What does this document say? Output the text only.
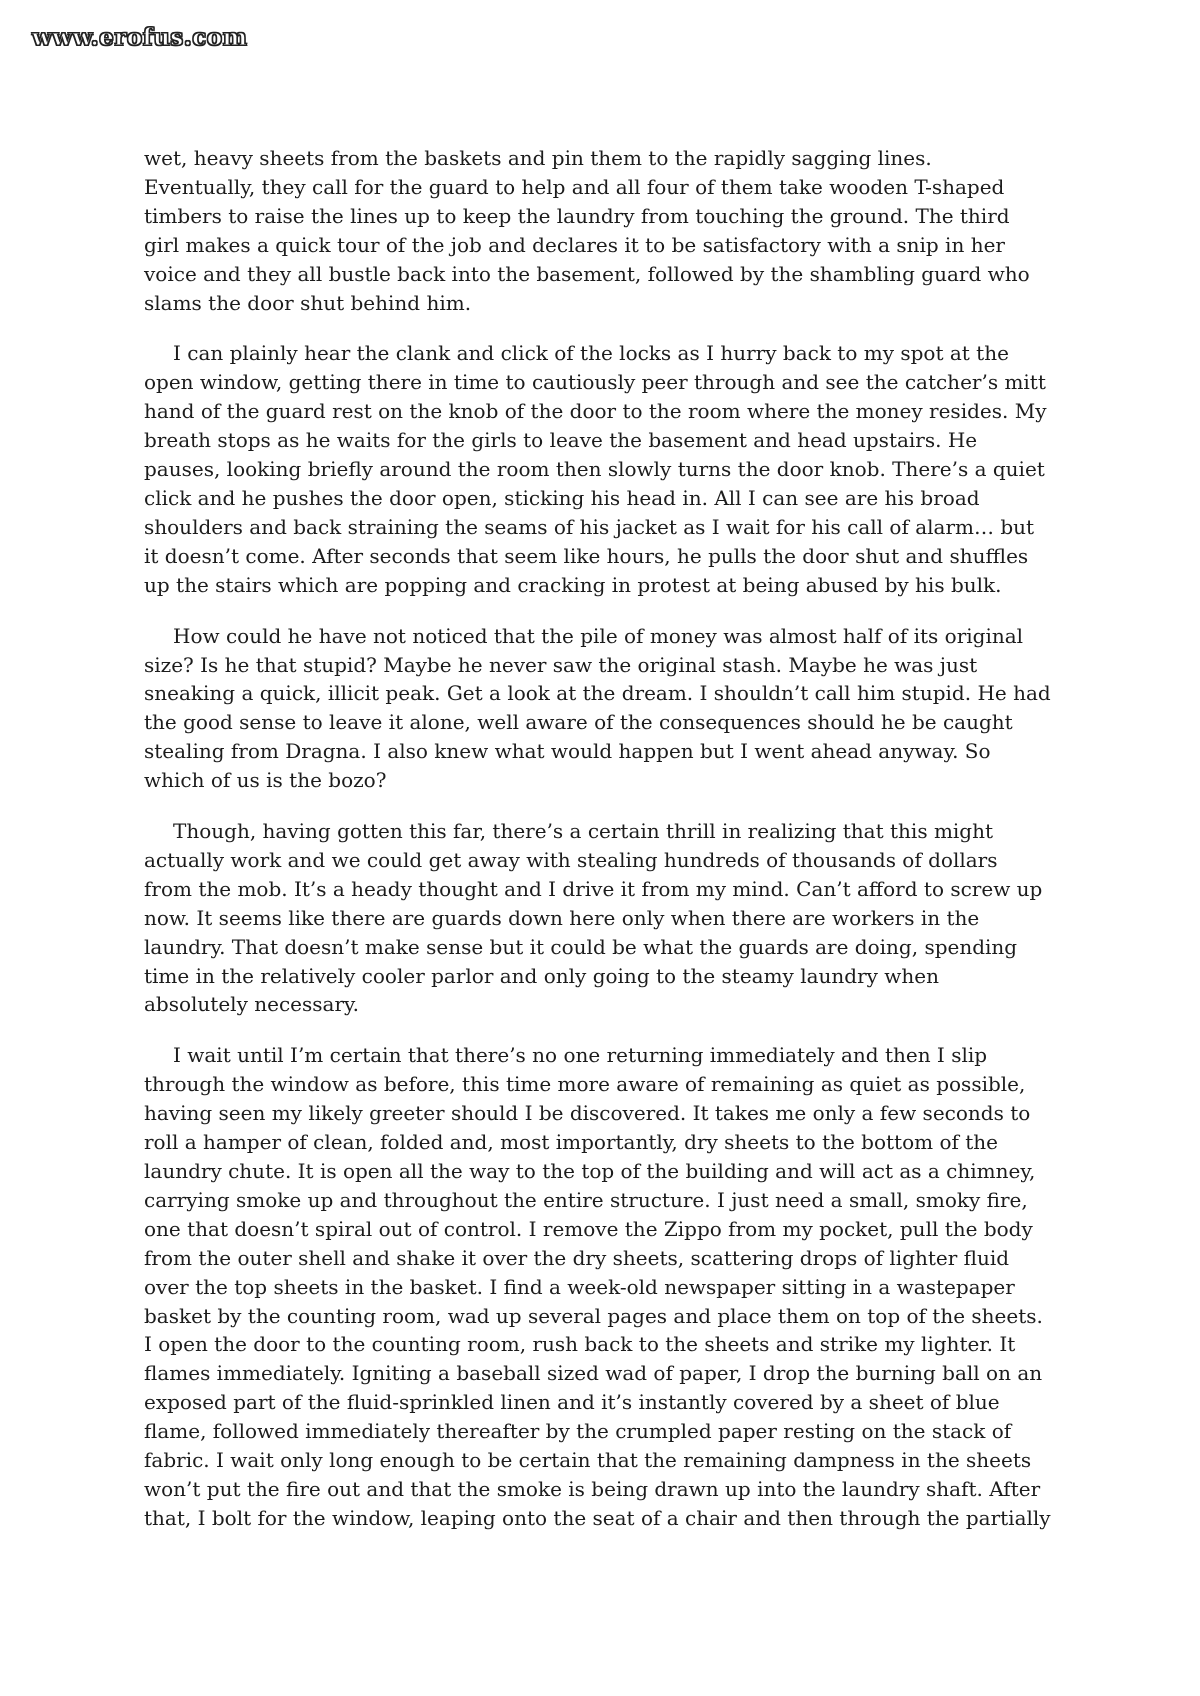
www.erofus.com
wet, heavy sheets from the baskets and pin them to the rapidly sagging lines.
Eventually, they call for the guard to help and all four of them take wooden T-shaped
timbers to raise the lines up to keep the laundry from touching the ground. The third
girl makes a quick tour of the job and declares it to be satisfactory with a snip in her
voice and they all bustle back into the basement, followed by the shambling guard who
slams the door shut behind him.
I can plainly hear the clank and click of the locks as I hurry back to my spot at the
open window, getting there in time to cautiously peer through and see the catcher’s mitt
hand of the guard rest on the knob of the door to the room where the money resides. My
breath stops as he waits for the girls to leave the basement and head upstairs. He
pauses, looking briefly around the room then slowly turns the door knob. There’s a quiet
click and he pushes the door open, sticking his head in. All I can see are his broad
shoulders and back straining the seams of his jacket as I wait for his call of alarm… but
it doesn’t come. After seconds that seem like hours, he pulls the door shut and shuffles
up the stairs which are popping and cracking in protest at being abused by his bulk.
How could he have not noticed that the pile of money was almost half of its original
size? Is he that stupid? Maybe he never saw the original stash. Maybe he was just
sneaking a quick, illicit peak. Get a look at the dream. I shouldn’t call him stupid. He had
the good sense to leave it alone, well aware of the consequences should he be caught
stealing from Dragna. I also knew what would happen but I went ahead anyway. So
which of us is the bozo?
Though, having gotten this far, there’s a certain thrill in realizing that this might
actually work and we could get away with stealing hundreds of thousands of dollars
from the mob. It’s a heady thought and I drive it from my mind. Can’t afford to screw up
now. It seems like there are guards down here only when there are workers in the
laundry. That doesn’t make sense but it could be what the guards are doing, spending
time in the relatively cooler parlor and only going to the steamy laundry when
absolutely necessary.
I wait until I’m certain that there’s no one returning immediately and then I slip
through the window as before, this time more aware of remaining as quiet as possible,
having seen my likely greeter should I be discovered. It takes me only a few seconds to
roll a hamper of clean, folded and, most importantly, dry sheets to the bottom of the
laundry chute. It is open all the way to the top of the building and will act as a chimney,
carrying smoke up and throughout the entire structure. I just need a small, smoky fire,
one that doesn’t spiral out of control. I remove the Zippo from my pocket, pull the body
from the outer shell and shake it over the dry sheets, scattering drops of lighter fluid
over the top sheets in the basket. I find a week-old newspaper sitting in a wastepaper
basket by the counting room, wad up several pages and place them on top of the sheets.
I open the door to the counting room, rush back to the sheets and strike my lighter. It
flames immediately. Igniting a baseball sized wad of paper, I drop the burning ball on an
exposed part of the fluid-sprinkled linen and it’s instantly covered by a sheet of blue
flame, followed immediately thereafter by the crumpled paper resting on the stack of
fabric. I wait only long enough to be certain that the remaining dampness in the sheets
won’t put the fire out and that the smoke is being drawn up into the laundry shaft. After
that, I bolt for the window, leaping onto the seat of a chair and then through the partially
